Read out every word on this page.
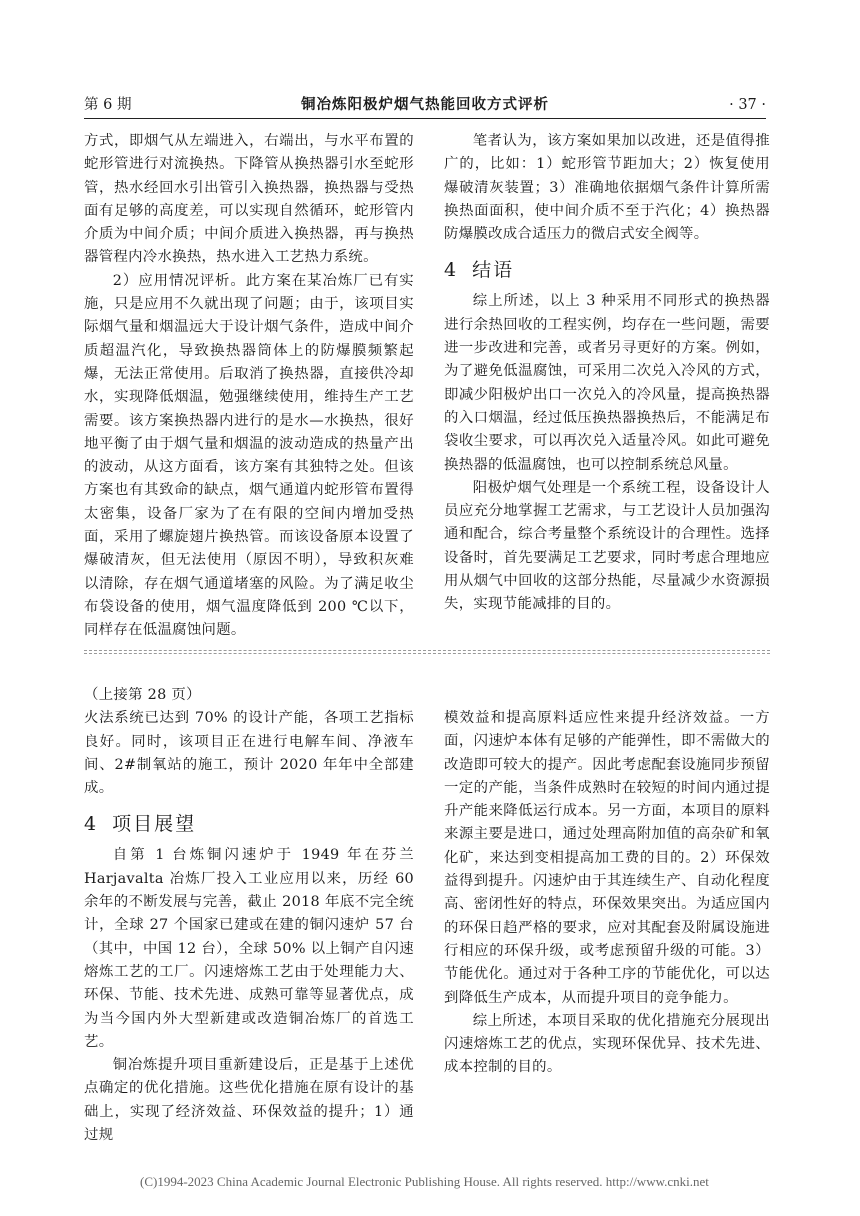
第 6 期	铜冶炼阳极炉烟气热能回收方式评析	· 37 ·

方式，即烟气从左端进入，右端出，与水平布置的蛇形管进行对流换热。下降管从换热器引水至蛇形管，热水经回水引出管引入换热器，换热器与受热面有足够的高度差，可以实现自然循环，蛇形管内介质为中间介质；中间介质进入换热器，再与换热器管程内冷水换热，热水进入工艺热力系统。

2）应用情况评析。此方案在某冶炼厂已有实施，只是应用不久就出现了问题；由于，该项目实际烟气量和烟温远大于设计烟气条件，造成中间介质超温汽化，导致换热器筒体上的防爆膜频繁起爆，无法正常使用。后取消了换热器，直接供冷却水，实现降低烟温，勉强继续使用，维持生产工艺需要。该方案换热器内进行的是水—水换热，很好地平衡了由于烟气量和烟温的波动造成的热量产出的波动，从这方面看，该方案有其独特之处。但该方案也有其致命的缺点，烟气通道内蛇形管布置得太密集，设备厂家为了在有限的空间内增加受热面，采用了螺旋翅片换热管。而该设备原本设置了爆破清灰，但无法使用（原因不明），导致积灰难以清除，存在烟气通道堵塞的风险。为了满足收尘布袋设备的使用，烟气温度降低到 200 ℃以下，同样存在低温腐蚀问题。

笔者认为，该方案如果加以改进，还是值得推广的，比如：1）蛇形管节距加大；2）恢复使用爆破清灰装置；3）准确地依据烟气条件计算所需换热面面积，使中间介质不至于汽化；4）换热器防爆膜改成合适压力的微启式安全阀等。

4 结语

综上所述，以上 3 种采用不同形式的换热器进行余热回收的工程实例，均存在一些问题，需要进一步改进和完善，或者另寻更好的方案。例如，为了避免低温腐蚀，可采用二次兑入冷风的方式，即减少阳极炉出口一次兑入的冷风量，提高换热器的入口烟温，经过低压换热器换热后，不能满足布袋收尘要求，可以再次兑入适量冷风。如此可避免换热器的低温腐蚀，也可以控制系统总风量。

阳极炉烟气处理是一个系统工程，设备设计人员应充分地掌握工艺需求，与工艺设计人员加强沟通和配合，综合考量整个系统设计的合理性。选择设备时，首先要满足工艺要求，同时考虑合理地应用从烟气中回收的这部分热能，尽量减少水资源损失，实现节能减排的目的。

（上接第 28 页）

火法系统已达到 70% 的设计产能，各项工艺指标良好。同时，该项目正在进行电解车间、净液车间、2#制氧站的施工，预计 2020 年年中全部建成。

4 项目展望

自第 1 台炼铜闪速炉于 1949 年在芬兰 Harjavalta 冶炼厂投入工业应用以来，历经 60 余年的不断发展与完善，截止 2018 年底不完全统计，全球 27 个国家已建或在建的铜闪速炉 57 台（其中，中国 12 台），全球 50% 以上铜产自闪速熔炼工艺的工厂。闪速熔炼工艺由于处理能力大、环保、节能、技术先进、成熟可靠等显著优点，成为当今国内外大型新建或改造铜冶炼厂的首选工艺。

铜冶炼提升项目重新建设后，正是基于上述优点确定的优化措施。这些优化措施在原有设计的基础上，实现了经济效益、环保效益的提升；1）通过规

模效益和提高原料适应性来提升经济效益。一方面，闪速炉本体有足够的产能弹性，即不需做大的改造即可较大的提产。因此考虑配套设施同步预留一定的产能，当条件成熟时在较短的时间内通过提升产能来降低运行成本。另一方面，本项目的原料来源主要是进口，通过处理高附加值的高杂矿和氧化矿，来达到变相提高加工费的目的。2）环保效益得到提升。闪速炉由于其连续生产、自动化程度高、密闭性好的特点，环保效果突出。为适应国内的环保日趋严格的要求，应对其配套及附属设施进行相应的环保升级，或考虑预留升级的可能。3）节能优化。通过对于各种工序的节能优化，可以达到降低生产成本，从而提升项目的竞争能力。

综上所述，本项目采取的优化措施充分展现出闪速熔炼工艺的优点，实现环保优异、技术先进、成本控制的目的。

(C)1994-2023 China Academic Journal Electronic Publishing House. All rights reserved. http://www.cnki.net
